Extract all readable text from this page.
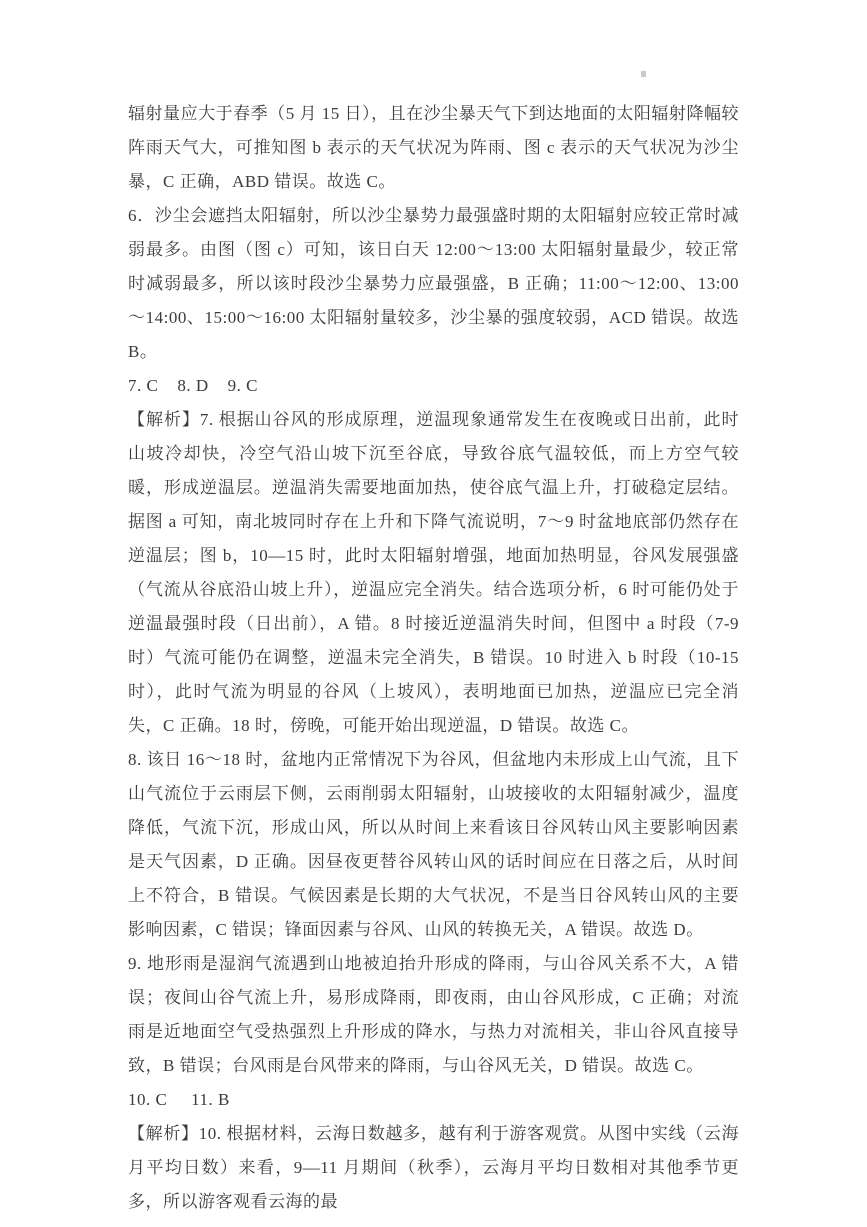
辐射量应大于春季（5 月 15 日），且在沙尘暴天气下到达地面的太阳辐射降幅较阵雨天气大，可推知图 b 表示的天气状况为阵雨、图 c 表示的天气状况为沙尘暴，C 正确，ABD 错误。故选 C。

6．沙尘会遮挡太阳辐射，所以沙尘暴势力最强盛时期的太阳辐射应较正常时减弱最多。由图（图 c）可知，该日白天 12:00～13:00 太阳辐射量最少，较正常时减弱最多，所以该时段沙尘暴势力应最强盛，B 正确；11:00～12:00、13:00～14:00、15:00～16:00 太阳辐射量较多，沙尘暴的强度较弱，ACD 错误。故选 B。

7. C    8. D    9. C

【解析】7. 根据山谷风的形成原理，逆温现象通常发生在夜晚或日出前，此时山坡冷却快，冷空气沿山坡下沉至谷底，导致谷底气温较低，而上方空气较暖，形成逆温层。逆温消失需要地面加热，使谷底气温上升，打破稳定层结。据图 a 可知，南北坡同时存在上升和下降气流说明，7～9 时盆地底部仍然存在逆温层；图 b，10—15 时，此时太阳辐射增强，地面加热明显，谷风发展强盛（气流从谷底沿山坡上升），逆温应完全消失。结合选项分析，6 时可能仍处于逆温最强时段（日出前），A 错。8 时接近逆温消失时间，但图中 a 时段（7-9 时）气流可能仍在调整，逆温未完全消失，B 错误。10 时进入 b 时段（10-15 时），此时气流为明显的谷风（上坡风），表明地面已加热，逆温应已完全消失，C 正确。18 时，傍晚，可能开始出现逆温，D 错误。故选 C。

8. 该日 16～18 时，盆地内正常情况下为谷风，但盆地内未形成上山气流，且下山气流位于云雨层下侧，云雨削弱太阳辐射，山坡接收的太阳辐射减少，温度降低，气流下沉，形成山风，所以从时间上来看该日谷风转山风主要影响因素是天气因素，D 正确。因昼夜更替谷风转山风的话时间应在日落之后，从时间上不符合，B 错误。气候因素是长期的大气状况，不是当日谷风转山风的主要影响因素，C 错误；锋面因素与谷风、山风的转换无关，A 错误。故选 D。

9. 地形雨是湿润气流遇到山地被迫抬升形成的降雨，与山谷风关系不大，A 错误；夜间山谷气流上升，易形成降雨，即夜雨，由山谷风形成，C 正确；对流雨是近地面空气受热强烈上升形成的降水，与热力对流相关，非山谷风直接导致，B 错误；台风雨是台风带来的降雨，与山谷风无关，D 错误。故选 C。

10. C     11. B

【解析】10. 根据材料，云海日数越多，越有利于游客观赏。从图中实线（云海月平均日数）来看，9—11 月期间（秋季），云海月平均日数相对其他季节更多，所以游客观看云海的最
